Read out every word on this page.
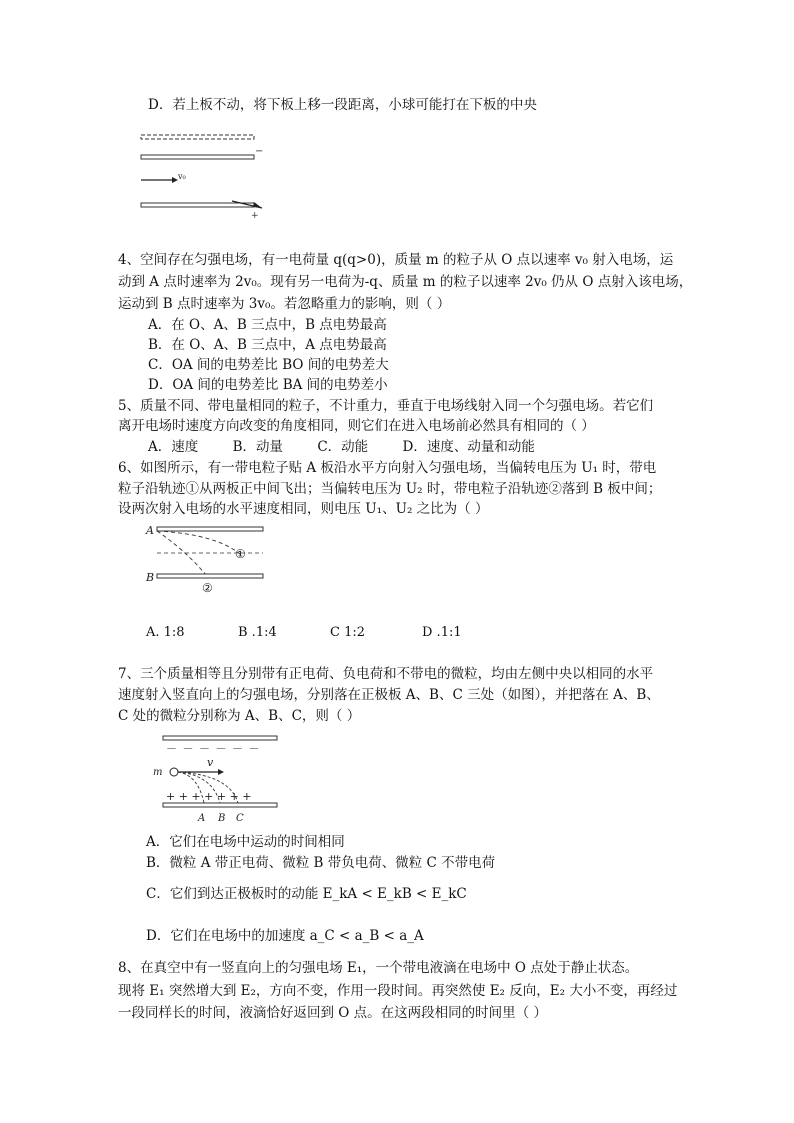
D．若上板不动，将下板上移一段距离，小球可能打在下板的中央
−
v₀
+
4、空间存在匀强电场，有一电荷量 q(q>0)，质量 m 的粒子从 O 点以速率 v₀ 射入电场，运
动到 A 点时速率为 2v₀。现有另一电荷为-q、质量 m 的粒子以速率 2v₀ 仍从 O 点射入该电场，
运动到 B 点时速率为 3v₀。若忽略重力的影响，则（ ）
A．在 O、A、B 三点中，B 点电势最高
B．在 O、A、B 三点中，A 点电势最高
C．OA 间的电势差比 BO 间的电势差大
D．OA 间的电势差比 BA 间的电势差小
5、质量不同、带电量相同的粒子，不计重力，垂直于电场线射入同一个匀强电场。若它们
离开电场时速度方向改变的角度相同，则它们在进入电场前必然具有相同的（ ）
A．速度        B．动量        C．动能        D．速度、动量和动能
6、如图所示，有一带电粒子贴 A 板沿水平方向射入匀强电场，当偏转电压为 U₁ 时，带电
粒子沿轨迹①从两板正中间飞出；当偏转电压为 U₂ 时，带电粒子沿轨迹②落到 B 板中间；
设两次射入电场的水平速度相同，则电压 U₁、U₂ 之比为（ ）
A
①
B
②
A. 1:8	B .1:4	C 1:2	D .1:1
7、三个质量相等且分别带有正电荷、负电荷和不带电的微粒，均由左侧中央以相同的水平
速度射入竖直向上的匀强电场，分别落在正极板 A、B、C 三处（如图），并把落在 A、B、
C 处的微粒分别称为 A、B、C，则（ ）
－ － － － － －
m
v
+ + + + + + +
A B C
A．它们在电场中运动的时间相同
B．微粒 A 带正电荷、微粒 B 带负电荷、微粒 C 不带电荷
C．它们到达正极板时的动能 E_kA < E_kB < E_kC
D．它们在电场中的加速度 a_C < a_B < a_A
8、在真空中有一竖直向上的匀强电场 E₁，一个带电液滴在电场中 O 点处于静止状态。
现将 E₁ 突然增大到 E₂，方向不变，作用一段时间。再突然使 E₂ 反向，E₂ 大小不变，再经过
一段同样长的时间，液滴恰好返回到 O 点。在这两段相同的时间里（ ）
